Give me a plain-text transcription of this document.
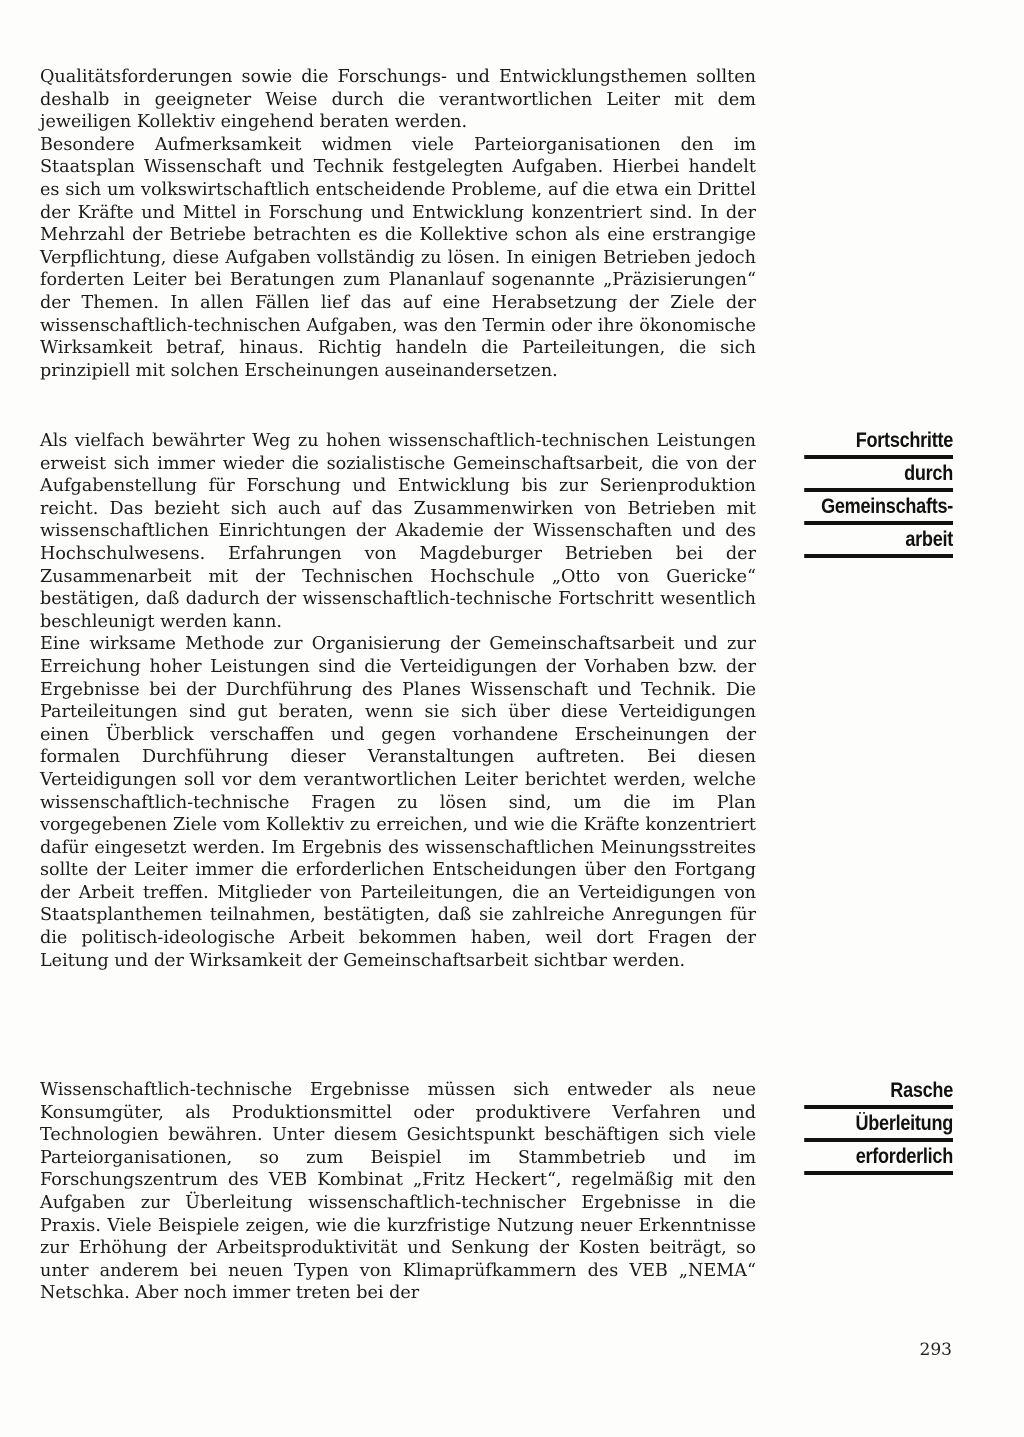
Qualitätsforderungen sowie die Forschungs- und Entwicklungsthemen sollten deshalb in geeigneter Weise durch die verantwortlichen Leiter mit dem jeweiligen Kollektiv eingehend beraten werden.

Besondere Aufmerksamkeit widmen viele Parteiorganisationen den im Staatsplan Wissenschaft und Technik festgelegten Aufgaben. Hierbei handelt es sich um volkswirtschaftlich entscheidende Probleme, auf die etwa ein Drittel der Kräfte und Mittel in Forschung und Entwicklung konzentriert sind. In der Mehrzahl der Betriebe betrachten es die Kollektive schon als eine erstrangige Verpflichtung, diese Aufgaben vollständig zu lösen. In einigen Betrieben jedoch forderten Leiter bei Beratungen zum Plananlauf sogenannte „Präzisierungen“ der Themen. In allen Fällen lief das auf eine Herabsetzung der Ziele der wissenschaftlich-technischen Aufgaben, was den Termin oder ihre ökonomische Wirksamkeit betraf, hinaus. Richtig handeln die Parteileitungen, die sich prinzipiell mit solchen Erscheinungen auseinandersetzen.

Als vielfach bewährter Weg zu hohen wissenschaftlich-technischen Leistungen erweist sich immer wieder die sozialistische Gemeinschaftsarbeit, die von der Aufgabenstellung für Forschung und Entwicklung bis zur Serienproduktion reicht. Das bezieht sich auch auf das Zusammenwirken von Betrieben mit wissenschaftlichen Einrichtungen der Akademie der Wissenschaften und des Hochschulwesens. Erfahrungen von Magdeburger Betrieben bei der Zusammenarbeit mit der Technischen Hochschule „Otto von Guericke“ bestätigen, daß dadurch der wissenschaftlich-technische Fortschritt wesentlich beschleunigt werden kann.

Eine wirksame Methode zur Organisierung der Gemeinschaftsarbeit und zur Erreichung hoher Leistungen sind die Verteidigungen der Vorhaben bzw. der Ergebnisse bei der Durchführung des Planes Wissenschaft und Technik. Die Parteileitungen sind gut beraten, wenn sie sich über diese Verteidigungen einen Überblick verschaffen und gegen vorhandene Erscheinungen der formalen Durchführung dieser Veranstaltungen auftreten. Bei diesen Verteidigungen soll vor dem verantwortlichen Leiter berichtet werden, welche wissenschaftlich-technische Fragen zu lösen sind, um die im Plan vorgegebenen Ziele vom Kollektiv zu erreichen, und wie die Kräfte konzentriert dafür eingesetzt werden. Im Ergebnis des wissenschaftlichen Meinungsstreites sollte der Leiter immer die erforderlichen Entscheidungen über den Fortgang der Arbeit treffen. Mitglieder von Parteileitungen, die an Verteidigungen von Staatsplanthemen teilnahmen, bestätigten, daß sie zahlreiche Anregungen für die politisch-ideologische Arbeit bekommen haben, weil dort Fragen der Leitung und der Wirksamkeit der Gemeinschaftsarbeit sichtbar werden.

Wissenschaftlich-technische Ergebnisse müssen sich entweder als neue Konsumgüter, als Produktionsmittel oder produktivere Verfahren und Technologien bewähren. Unter diesem Gesichtspunkt beschäftigen sich viele Parteiorganisationen, so zum Beispiel im Stammbetrieb und im Forschungszentrum des VEB Kombinat „Fritz Heckert“, regelmäßig mit den Aufgaben zur Überleitung wissenschaftlich-technischer Ergebnisse in die Praxis. Viele Beispiele zeigen, wie die kurzfristige Nutzung neuer Erkenntnisse zur Erhöhung der Arbeitsproduktivität und Senkung der Kosten beiträgt, so unter anderem bei neuen Typen von Klimaprüfkammern des VEB „NEMA“ Netschka. Aber noch immer treten bei der

Fortschritte
durch
Gemeinschafts-
arbeit
Rasche
Überleitung
erforderlich
293
